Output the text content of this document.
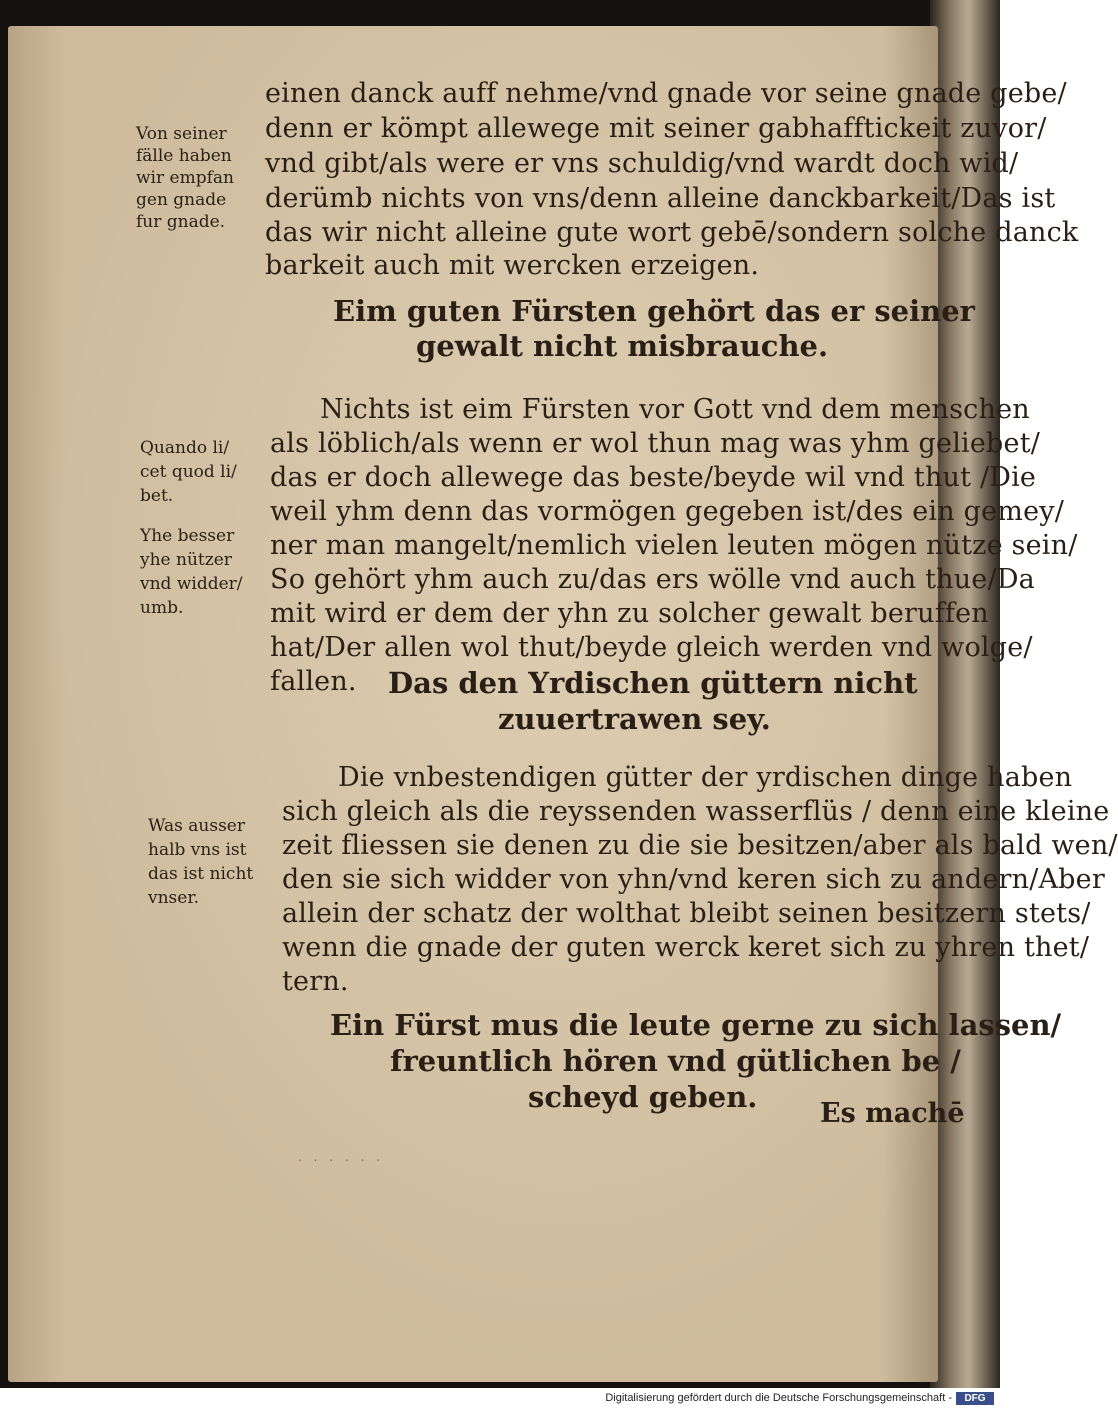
einen danck auff nehme/vnd gnade vor seine gnade gebe/
denn er kömpt allewege mit seiner gabhafftickeit zuvor/
vnd gibt/als were er vns schuldig/vnd wardt doch wid/
derümb nichts von vns/denn alleine danckbarkeit/Das ist
das wir nicht alleine gute wort gebē/sondern solche danck
barkeit auch mit wercken erzeigen.
Von seiner
fälle haben
wir empfan
gen gnade
fur gnade.
Eim guten Fürsten gehört das er seiner
gewalt nicht misbrauche.
Nichts ist eim Fürsten vor Gott vnd dem menschen
als löblich/als wenn er wol thun mag was yhm geliebet/
das er doch allewege das beste/beyde wil vnd thut /Die
weil yhm denn das vormögen gegeben ist/des ein gemey/
ner man mangelt/nemlich vielen leuten mögen nütze sein/
So gehört yhm auch zu/das ers wölle vnd auch thue/Da
mit wird er dem der yhn zu solcher gewalt beruffen
hat/Der allen wol thut/beyde gleich werden vnd wolge/
fallen.
Quando li/
cet quod li/
bet.
Yhe besser
yhe nützer
vnd widder/
umb.
Das den Yrdischen güttern nicht
zuuertrawen sey.
Die vnbestendigen gütter der yrdischen dinge haben
sich gleich als die reyssenden wasserflüs / denn eine kleine
zeit fliessen sie denen zu die sie besitzen/aber als bald wen/
den sie sich widder von yhn/vnd keren sich zu andern/Aber
allein der schatz der wolthat bleibt seinen besitzern stets/
wenn die gnade der guten werck keret sich zu yhren thet/
tern.
Was ausser
halb vns ist
das ist nicht
vnser.
Ein Fürst mus die leute gerne zu sich lassen/
freuntlich hören vnd gütlichen be /
scheyd geben. Es machē
. . . . . .
Digitalisierung gefördert durch die Deutsche Forschungsgemeinschaft -	DFG
